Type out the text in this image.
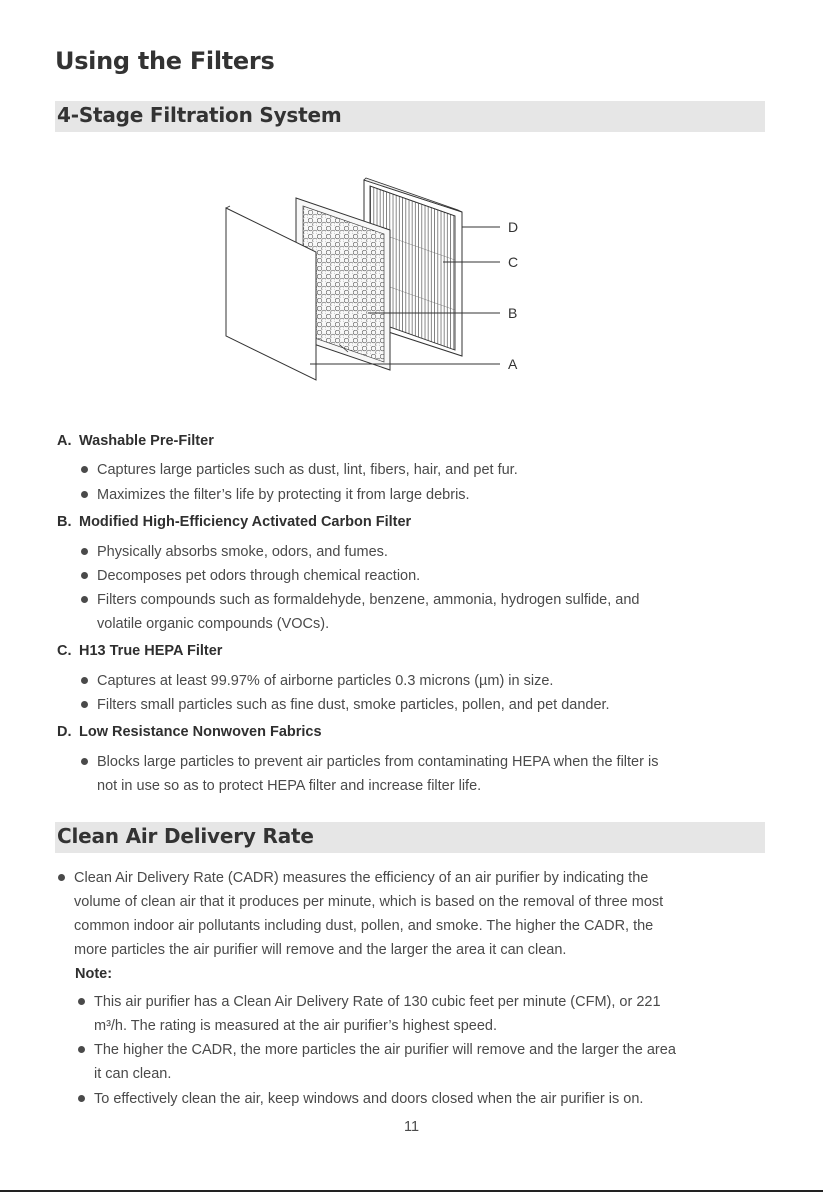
Using the Filters
4-Stage Filtration System
D
C
B
A
A. Washable Pre-Filter
Captures large particles such as dust, lint, fibers, hair, and pet fur.
Maximizes the filter’s life by protecting it from large debris.
B. Modified High-Efficiency Activated Carbon Filter
Physically absorbs smoke, odors, and fumes.
Decomposes pet odors through chemical reaction.
Filters compounds such as formaldehyde, benzene, ammonia, hydrogen sulfide, and
volatile organic compounds (VOCs).
C. H13 True HEPA Filter
Captures at least 99.97% of airborne particles 0.3 microns (µm) in size.
Filters small particles such as fine dust, smoke particles, pollen, and pet dander.
D. Low Resistance Nonwoven Fabrics
Blocks large particles to prevent air particles from contaminating HEPA when the filter is
not in use so as to protect HEPA filter and increase filter life.
Clean Air Delivery Rate
Clean Air Delivery Rate (CADR) measures the efficiency of an air purifier by indicating the
volume of clean air that it produces per minute, which is based on the removal of three most
common indoor air pollutants including dust, pollen, and smoke. The higher the CADR, the
more particles the air purifier will remove and the larger the area it can clean.
Note:
This air purifier has a Clean Air Delivery Rate of 130 cubic feet per minute (CFM), or 221
m³/h. The rating is measured at the air purifier’s highest speed.
The higher the CADR, the more particles the air purifier will remove and the larger the area
it can clean.
To effectively clean the air, keep windows and doors closed when the air purifier is on.
11
